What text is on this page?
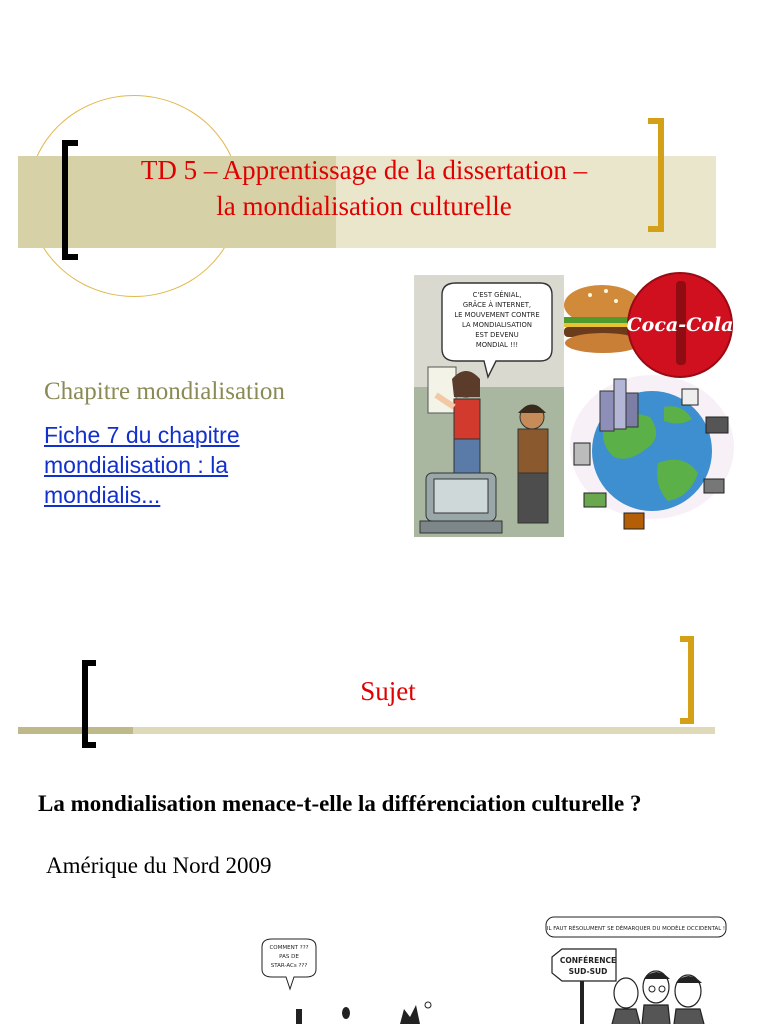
TD 5 – Apprentissage de la dissertation –
la mondialisation culturelle
Chapitre mondialisation
Fiche 7 du chapitre mondialisation : la mondialis...
C'EST GÉNIAL,
GRÂCE À INTERNET,
LE MOUVEMENT CONTRE
LA MONDIALISATION
EST DEVENU
MONDIAL !!!
Coca-Cola
Sujet
La mondialisation menace-t-elle la différenciation culturelle ?
Amérique du Nord 2009
COMMENT ???
PAS DE
STAR-ACs ???
IL FAUT RÉSOLUMENT SE DÉMARQUER DU MODÈLE OCCIDENTAL !
CONFÉRENCE
SUD-SUD
